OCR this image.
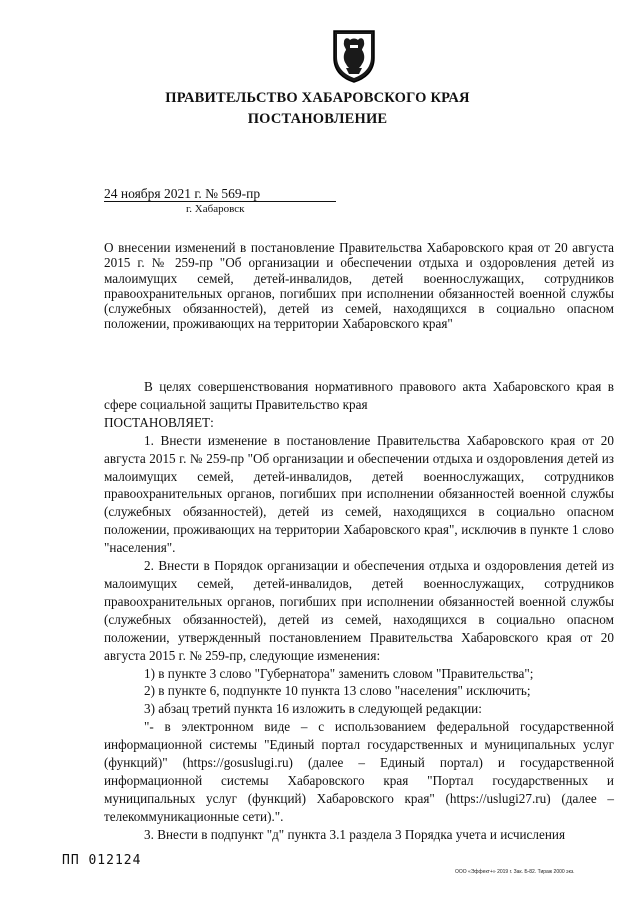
ПРАВИТЕЛЬСТВО ХАБАРОВСКОГО КРАЯ
ПОСТАНОВЛЕНИЕ
24 ноября 2021 г. № 569-пр
г. Хабаровск
О внесении изменений в постановление Правительства Хабаровского края от 20 августа 2015 г. № 259-пр "Об организации и обеспечении отдыха и оздоровления детей из малоимущих семей, детей-инвалидов, детей военнослужащих, сотрудников правоохранительных органов, погибших при исполнении обязанностей военной службы (служебных обязанностей), детей из семей, находящихся в социально опасном положении, проживающих на территории Хабаровского края"

В целях совершенствования нормативного правового акта Хабаровского края в сфере социальной защиты Правительство края

ПОСТАНОВЛЯЕТ:

1. Внести изменение в постановление Правительства Хабаровского края от 20 августа 2015 г. № 259-пр "Об организации и обеспечении отдыха и оздоровления детей из малоимущих семей, детей-инвалидов, детей военнослужащих, сотрудников правоохранительных органов, погибших при исполнении обязанностей военной службы (служебных обязанностей), детей из семей, находящихся в социально опасном положении, проживающих на территории Хабаровского края", исключив в пункте 1 слово "населения".

2. Внести в Порядок организации и обеспечения отдыха и оздоровления детей из малоимущих семей, детей-инвалидов, детей военнослужащих, сотрудников правоохранительных органов, погибших при исполнении обязанностей военной службы (служебных обязанностей), детей из семей, находящихся в социально опасном положении, утвержденный постановлением Правительства Хабаровского края от 20 августа 2015 г. № 259-пр, следующие изменения:

1) в пункте 3 слово "Губернатора" заменить словом "Правительства";

2) в пункте 6, подпункте 10 пункта 13 слово "населения" исключить;

3) абзац третий пункта 16 изложить в следующей редакции:

"- в электронном виде – с использованием федеральной государственной информационной системы "Единый портал государственных и муниципальных услуг (функций)" (https://gosuslugi.ru) (далее – Единый портал) и государственной информационной системы Хабаровского края "Портал государственных и муниципальных услуг (функций) Хабаровского края" (https://uslugi27.ru) (далее – телекоммуникационные сети).".

3. Внести в подпункт "д" пункта 3.1 раздела 3 Порядка учета и исчисления

ПП 012124
ООО «Эффект+» 2019 г. Зак. Б-82. Тираж 2000 экз.
